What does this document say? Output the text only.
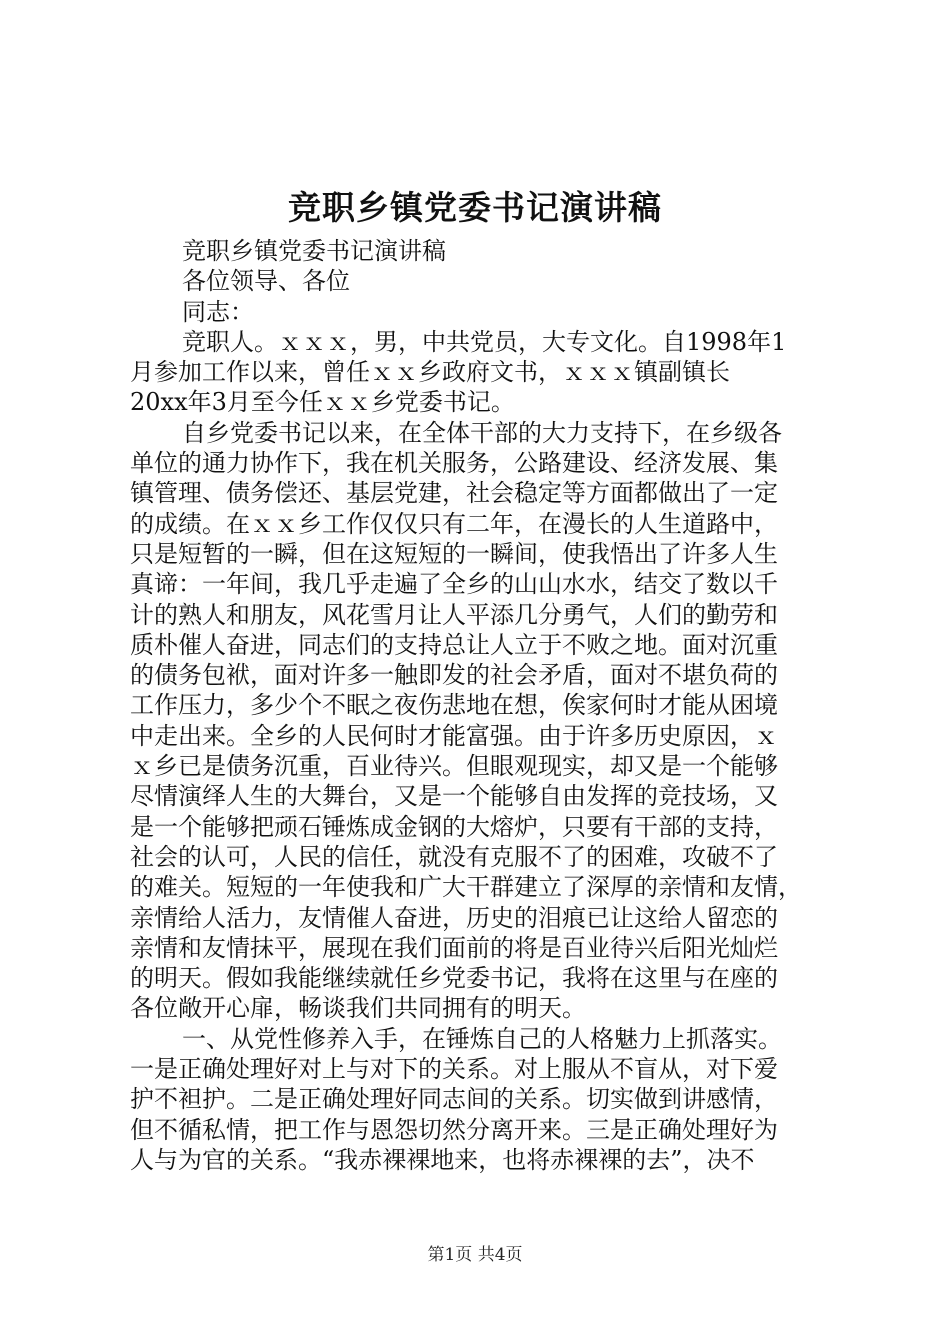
竞职乡镇党委书记演讲稿
竞职乡镇党委书记演讲稿
各位领导、各位
同志：
竞职人。ｘｘｘ，男，中共党员，大专文化。自1998年1
月参加工作以来，曾任ｘｘ乡政府文书，ｘｘｘ镇副镇长
20xx年3月至今任ｘｘ乡党委书记。
自乡党委书记以来，在全体干部的大力支持下，在乡级各
单位的通力协作下，我在机关服务，公路建设、经济发展、集
镇管理、债务偿还、基层党建，社会稳定等方面都做出了一定
的成绩。在ｘｘ乡工作仅仅只有二年，在漫长的人生道路中，
只是短暂的一瞬，但在这短短的一瞬间，使我悟出了许多人生
真谛：一年间，我几乎走遍了全乡的山山水水，结交了数以千
计的熟人和朋友，风花雪月让人平添几分勇气，人们的勤劳和
质朴催人奋进，同志们的支持总让人立于不败之地。面对沉重
的债务包袱，面对许多一触即发的社会矛盾，面对不堪负荷的
工作压力，多少个不眠之夜伤悲地在想，俟家何时才能从困境
中走出来。全乡的人民何时才能富强。由于许多历史原因，ｘ
ｘ乡已是债务沉重，百业待兴。但眼观现实，却又是一个能够
尽情演绎人生的大舞台，又是一个能够自由发挥的竞技场，又
是一个能够把顽石锤炼成金钢的大熔炉，只要有干部的支持，
社会的认可，人民的信任，就没有克服不了的困难，攻破不了
的难关。短短的一年使我和广大干群建立了深厚的亲情和友情，
亲情给人活力，友情催人奋进，历史的泪痕已让这给人留恋的
亲情和友情抹平，展现在我们面前的将是百业待兴后阳光灿烂
的明天。假如我能继续就任乡党委书记，我将在这里与在座的
各位敞开心扉，畅谈我们共同拥有的明天。
一、从党性修养入手，在锤炼自己的人格魅力上抓落实。
一是正确处理好对上与对下的关系。对上服从不盲从，对下爱
护不袒护。二是正确处理好同志间的关系。切实做到讲感情，
但不循私情，把工作与恩怨切然分离开来。三是正确处理好为
人与为官的关系。“我赤裸裸地来，也将赤裸裸的去”，决不
第1页 共4页
